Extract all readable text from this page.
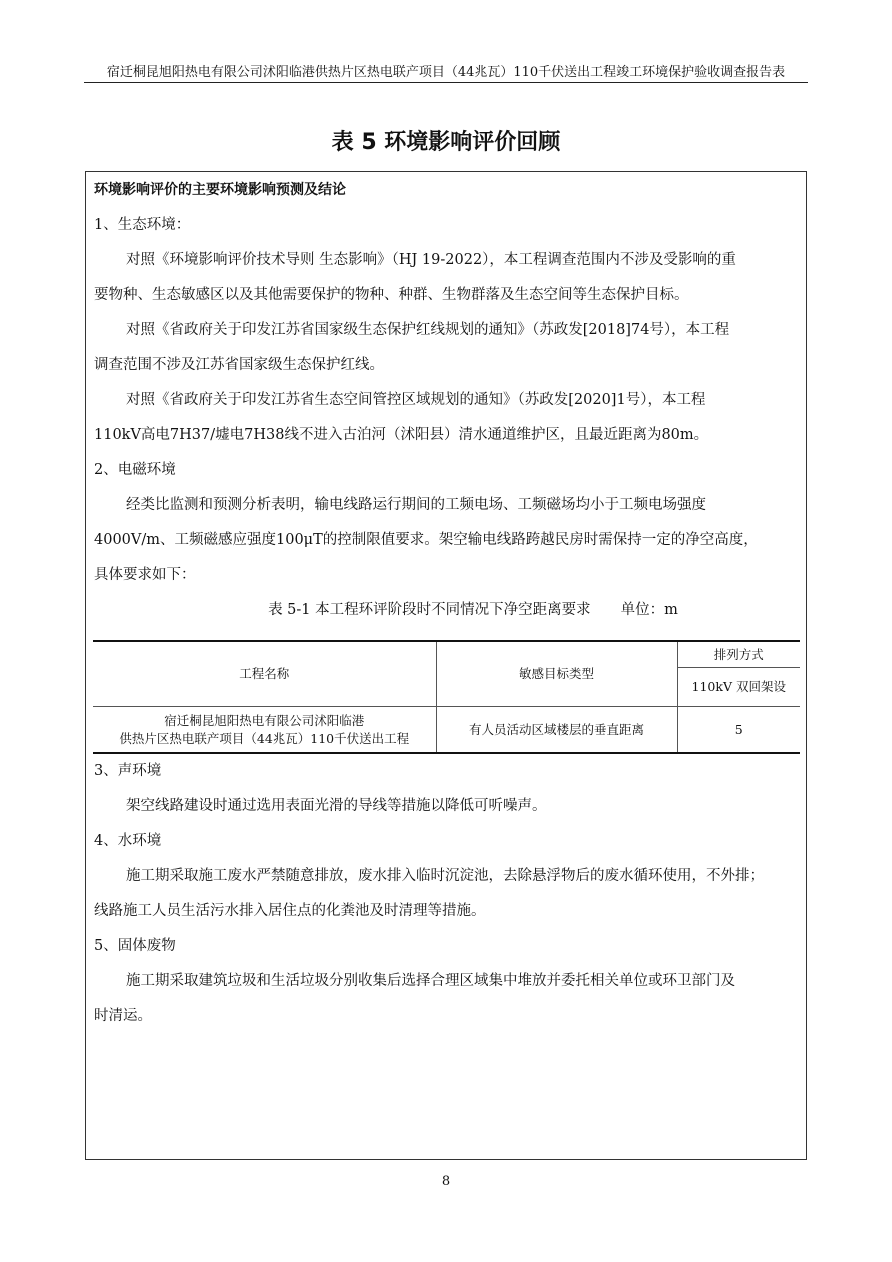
宿迁桐昆旭阳热电有限公司沭阳临港供热片区热电联产项目（44兆瓦）110千伏送出工程竣工环境保护验收调查报告表
表 5 环境影响评价回顾
环境影响评价的主要环境影响预测及结论
1、生态环境：
对照《环境影响评价技术导则 生态影响》（HJ 19-2022），本工程调查范围内不涉及受影响的重
要物种、生态敏感区以及其他需要保护的物种、种群、生物群落及生态空间等生态保护目标。
对照《省政府关于印发江苏省国家级生态保护红线规划的通知》（苏政发[2018]74号），本工程
调查范围不涉及江苏省国家级生态保护红线。
对照《省政府关于印发江苏省生态空间管控区域规划的通知》（苏政发[2020]1号），本工程
110kV高电7H37/墟电7H38线不进入古泊河（沭阳县）清水通道维护区，且最近距离为80m。
2、电磁环境
经类比监测和预测分析表明，输电线路运行期间的工频电场、工频磁场均小于工频电场强度
4000V/m、工频磁感应强度100μT的控制限值要求。架空输电线路跨越民房时需保持一定的净空高度，
具体要求如下：
表 5-1 本工程环评阶段时不同情况下净空距离要求 单位：m
工程名称	敏感目标类型	排列方式
		110kV 双回架设

宿迁桐昆旭阳热电有限公司沭阳临港
供热片区热电联产项目（44兆瓦）110千伏送出工程	有人员活动区域楼层的垂直距离	5
3、声环境
架空线路建设时通过选用表面光滑的导线等措施以降低可听噪声。
4、水环境
施工期采取施工废水严禁随意排放，废水排入临时沉淀池，去除悬浮物后的废水循环使用，不外排；
线路施工人员生活污水排入居住点的化粪池及时清理等措施。
5、固体废物
施工期采取建筑垃圾和生活垃圾分别收集后选择合理区域集中堆放并委托相关单位或环卫部门及
时清运。
8
